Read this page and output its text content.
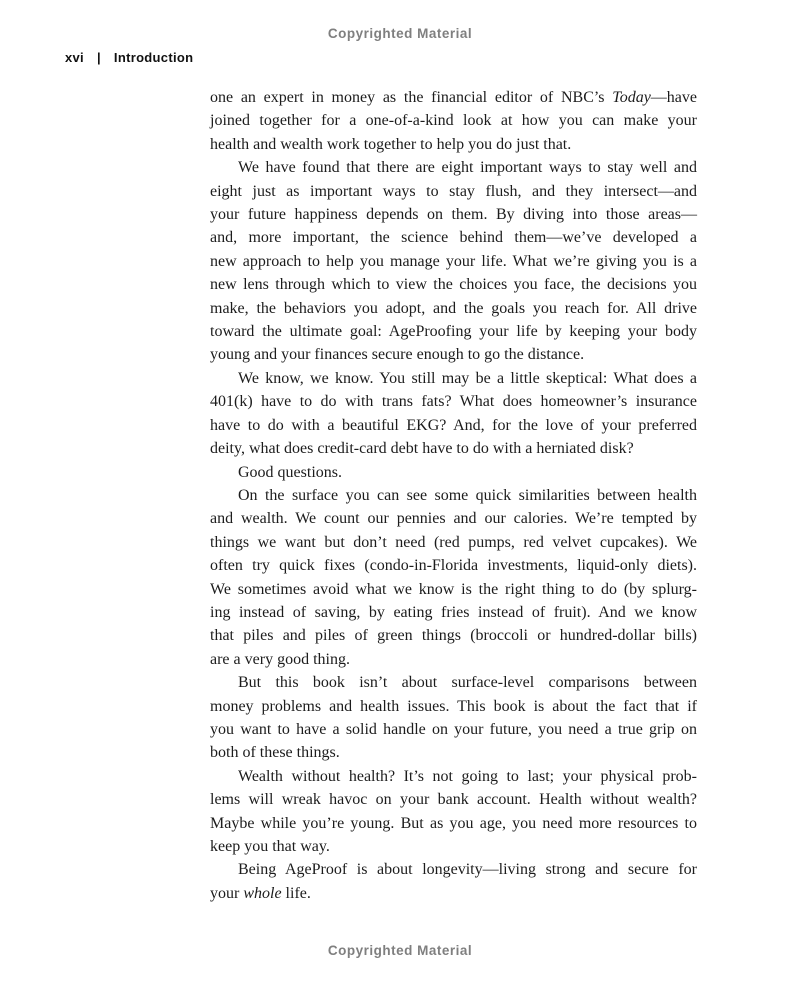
Copyrighted Material
xvi | Introduction
one an expert in money as the financial editor of NBC’s Today—have
joined together for a one-of-a-kind look at how you can make your
health and wealth work together to help you do just that.
We have found that there are eight important ways to stay well and
eight just as important ways to stay flush, and they intersect—and
your future happiness depends on them. By diving into those areas—
and, more important, the science behind them—we’ve developed a
new approach to help you manage your life. What we’re giving you is a
new lens through which to view the choices you face, the decisions you
make, the behaviors you adopt, and the goals you reach for. All drive
toward the ultimate goal: AgeProofing your life by keeping your body
young and your finances secure enough to go the distance.
We know, we know. You still may be a little skeptical: What does a
401(k) have to do with trans fats? What does homeowner’s insurance
have to do with a beautiful EKG? And, for the love of your preferred
deity, what does credit-card debt have to do with a herniated disk?
Good questions.
On the surface you can see some quick similarities between health
and wealth. We count our pennies and our calories. We’re tempted by
things we want but don’t need (red pumps, red velvet cupcakes). We
often try quick fixes (condo-in-Florida investments, liquid-only diets).
We sometimes avoid what we know is the right thing to do (by splurg-
ing instead of saving, by eating fries instead of fruit). And we know
that piles and piles of green things (broccoli or hundred-dollar bills)
are a very good thing.
But this book isn’t about surface-level comparisons between
money problems and health issues. This book is about the fact that if
you want to have a solid handle on your future, you need a true grip on
both of these things.
Wealth without health? It’s not going to last; your physical prob-
lems will wreak havoc on your bank account. Health without wealth?
Maybe while you’re young. But as you age, you need more resources to
keep you that way.
Being AgeProof is about longevity—living strong and secure for
your whole life.
Copyrighted Material
